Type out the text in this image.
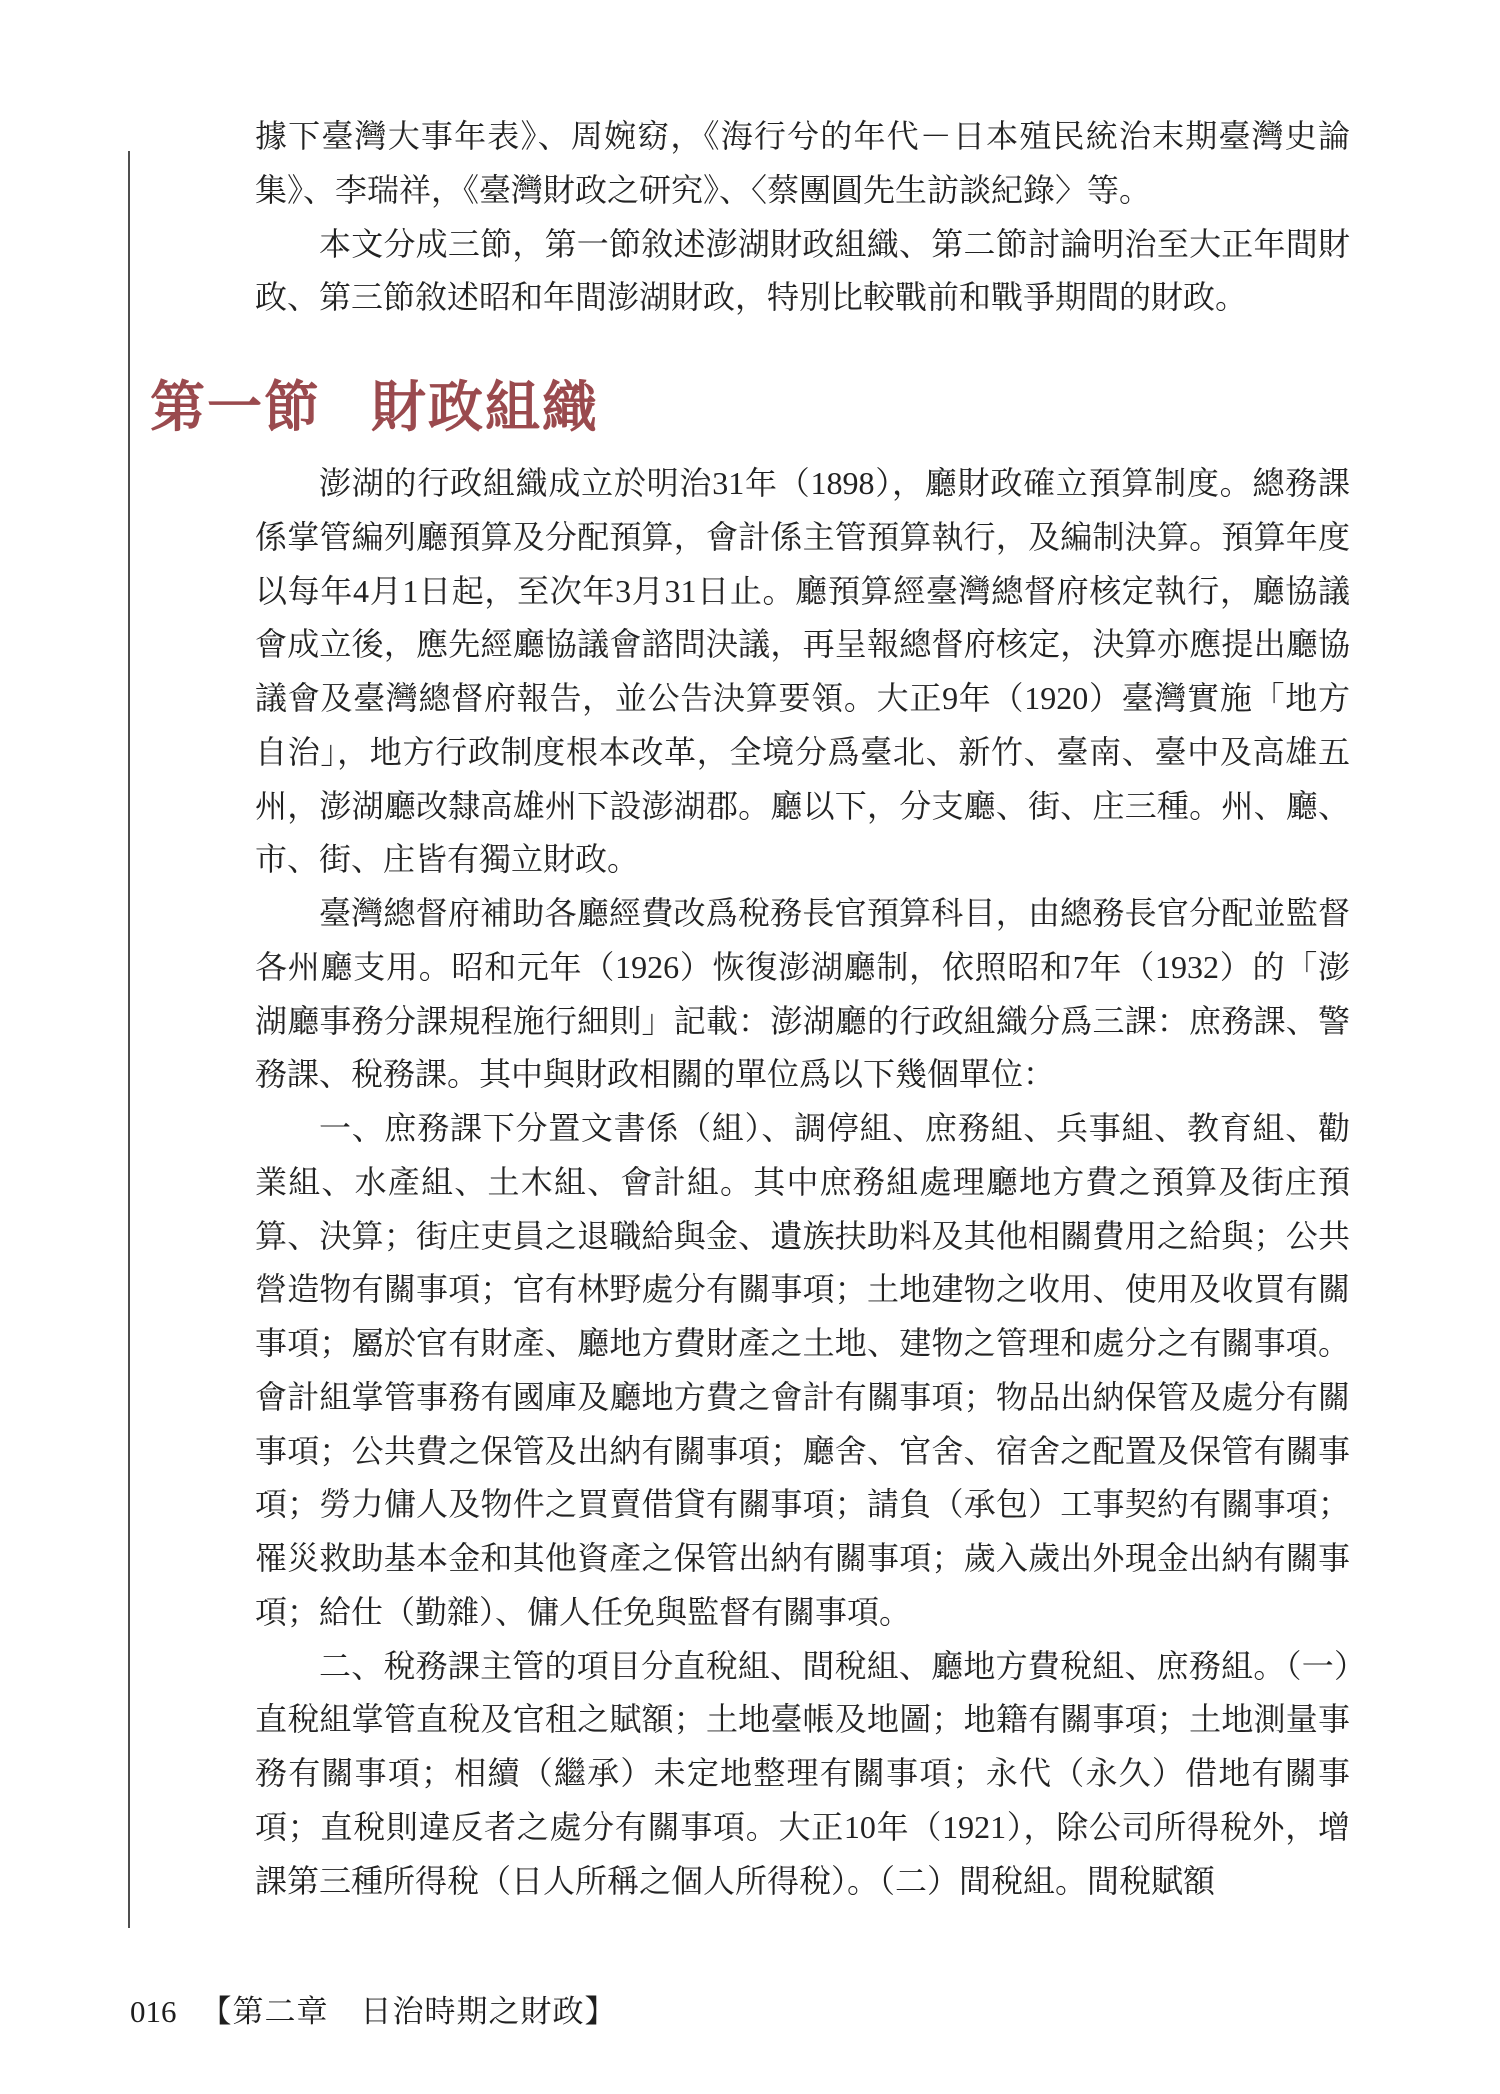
據下臺灣大事年表》、周婉窈，《海行兮的年代－日本殖民統治末期臺灣史論集》、李瑞祥，《臺灣財政之研究》、〈蔡團圓先生訪談紀錄〉等。

本文分成三節，第一節敘述澎湖財政組織、第二節討論明治至大正年間財政、第三節敘述昭和年間澎湖財政，特別比較戰前和戰爭期間的財政。

第一節 財政組織

澎湖的行政組織成立於明治31年（1898），廳財政確立預算制度。總務課係掌管編列廳預算及分配預算，會計係主管預算執行，及編制決算。預算年度以每年4月1日起，至次年3月31日止。廳預算經臺灣總督府核定執行，廳協議會成立後，應先經廳協議會諮問決議，再呈報總督府核定，決算亦應提出廳協議會及臺灣總督府報告，並公告決算要領。大正9年（1920）臺灣實施「地方自治」，地方行政制度根本改革，全境分爲臺北、新竹、臺南、臺中及高雄五州，澎湖廳改隸高雄州下設澎湖郡。廳以下，分支廳、街、庄三種。州、廳、市、街、庄皆有獨立財政。

臺灣總督府補助各廳經費改爲稅務長官預算科目，由總務長官分配並監督各州廳支用。昭和元年（1926）恢復澎湖廳制，依照昭和7年（1932）的「澎湖廳事務分課規程施行細則」記載：澎湖廳的行政組織分爲三課：庶務課、警務課、稅務課。其中與財政相關的單位爲以下幾個單位：

一、庶務課下分置文書係（組）、調停組、庶務組、兵事組、教育組、勸業組、水產組、土木組、會計組。其中庶務組處理廳地方費之預算及街庄預算、決算；街庄吏員之退職給與金、遺族扶助料及其他相關費用之給與；公共營造物有關事項；官有林野處分有關事項；土地建物之收用、使用及收買有關事項；屬於官有財產、廳地方費財產之土地、建物之管理和處分之有關事項。會計組掌管事務有國庫及廳地方費之會計有關事項；物品出納保管及處分有關事項；公共費之保管及出納有關事項；廳舍、官舍、宿舍之配置及保管有關事項；勞力傭人及物件之買賣借貸有關事項；請負（承包）工事契約有關事項；罹災救助基本金和其他資產之保管出納有關事項；歲入歲出外現金出納有關事項；給仕（勤雜）、傭人任免與監督有關事項。

二、稅務課主管的項目分直稅組、間稅組、廳地方費稅組、庶務組。（一）直稅組掌管直稅及官租之賦額；土地臺帳及地圖；地籍有關事項；土地測量事務有關事項；相續（繼承）未定地整理有關事項；永代（永久）借地有關事項；直稅則違反者之處分有關事項。大正10年（1921），除公司所得稅外，增課第三種所得稅（日人所稱之個人所得稅）。（二）間稅組。間稅賦額

016 【第二章　日治時期之財政】
